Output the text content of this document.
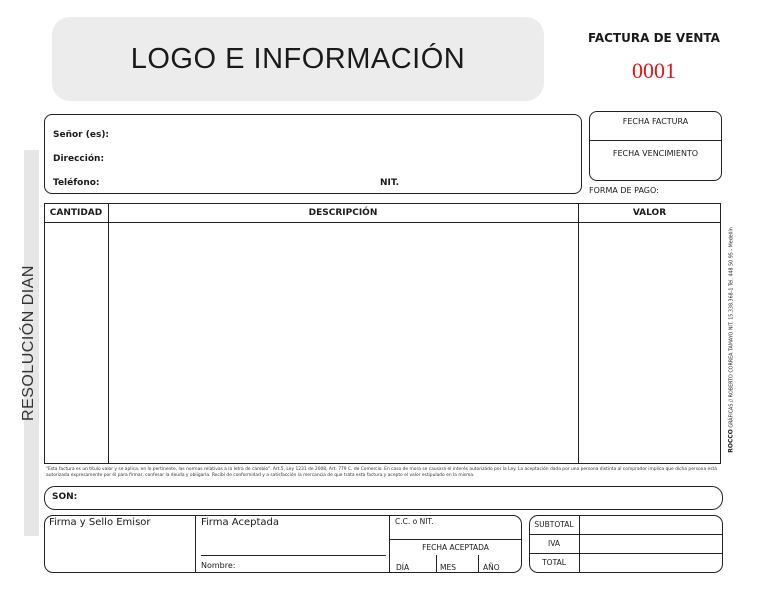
LOGO E INFORMACIÓN
FACTURA DE VENTA
0001
RESOLUCIÓN DIAN
Señor (es):
Dirección:
Teléfono:	NIT.
FECHA FACTURA
FECHA VENCIMIENTO
FORMA DE PAGO:
CANTIDAD	DESCRIPCIÓN	VALOR
"Esta factura es un título valor y se aplica, en lo pertinente, las normas relativas a la letra de cambio". Art.5, Ley 1231 de 2008, Art. 779 C. de Comercio. En caso de mora se causará el interés autorizado por la Ley. La aceptación dada por una persona distinta al comprador implica que dicha persona está autorizada expresamente por él para firmar, confesar la deuda y obligarla. Recibí de conformidad y a satisfacción la mercancía de que trata esta factura y acepto el valor estipulado en la misma.
SON:
Firma y Sello Emisor	Firma Aceptada
Nombre:
C.C. o NIT.
FECHA ACEPTADA
DÍA	MES	AÑO
SUBTOTAL
IVA
TOTAL
ROCCO GRÁFICAS // ROBERTO CORREA TAMAYO NIT. 15.338.368-1 Tel. 448 50 95 - Medellín
